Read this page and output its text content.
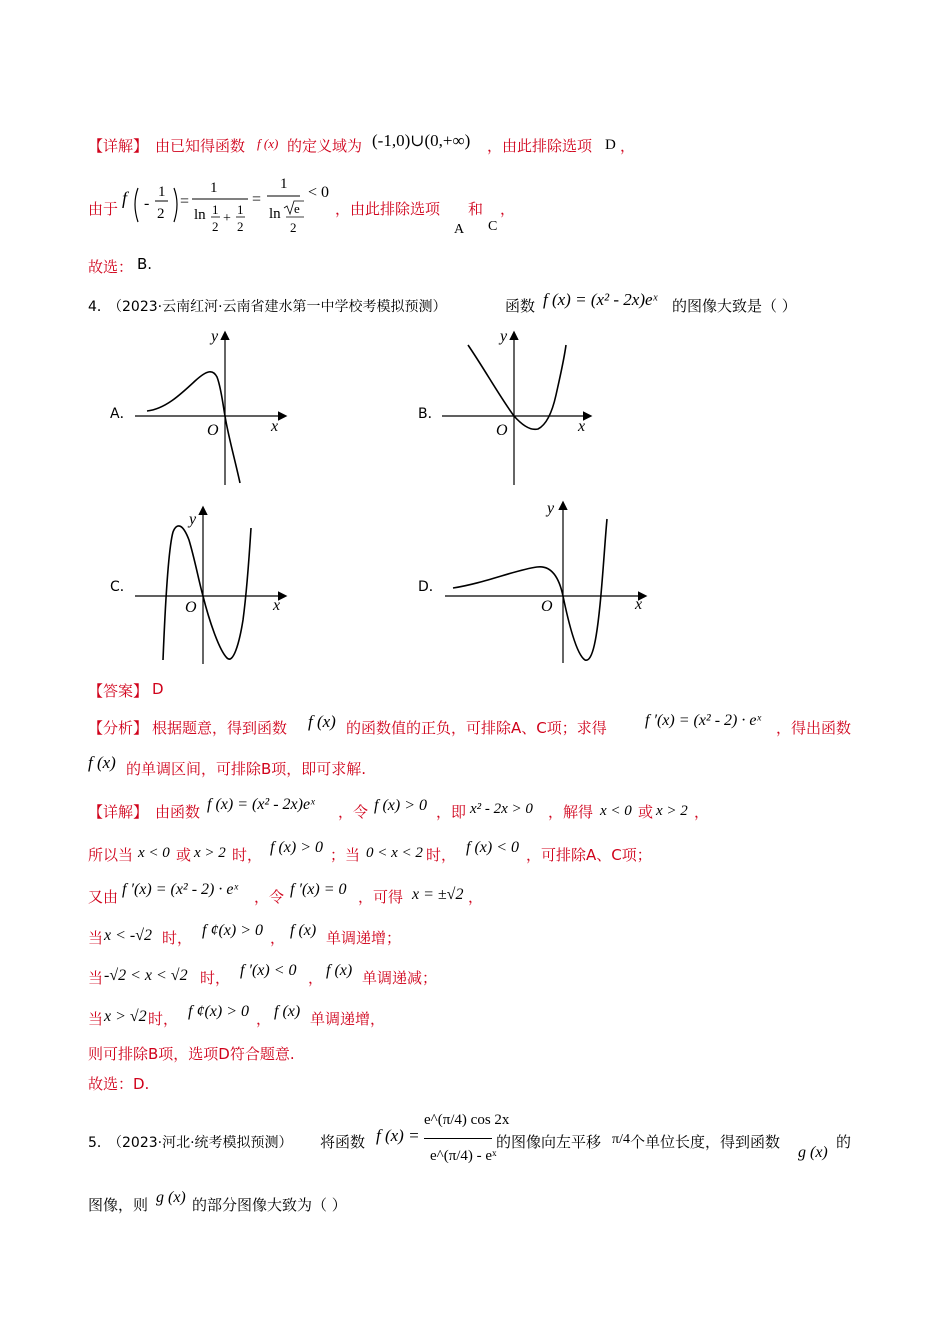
【详解】 由已知得函数 f (x) 的定义域为 (-1,0)∪(0,+∞) ，由此排除选项 D ，
由于
f -
1
2
=
1
ln 1
2
+
1
2
=
1
ln e
2
< 0
，由此排除选项 和
A C
，
故选： B.
4．
（2023·云南红河·云南省建水第一中学校考模拟预测）	函数 f (x) = (x² - 2x)eˣ 的图像大致是（ ）
A．
y
x
O
B．
y
x
O
C．
y
x
O
D．
y
x
O
【答案】 D
【分析】 根据题意，得到函数 f (x) 的函数值的正负，可排除A、C项；求得 f ′(x) = (x² - 2) · eˣ ，得出函数
f (x) 的单调区间，可排除B项，即可求解.
【详解】 由函数 f (x) = (x² - 2x)eˣ ，令 f (x) > 0 ，即 x² - 2x > 0 ，解得 x < 0 或 x > 2 ，
所以当 x < 0 或 x > 2 时， f (x) > 0 ；当 0 < x < 2 时， f (x) < 0 ，可排除A、C项；
又由 f ′(x) = (x² - 2) · eˣ ，令 f ′(x) = 0 ，可得 x = ±√2 ，
当 x < -√2 时， f ¢(x) > 0 ， f (x) 单调递增；
当 -√2 < x < √2 时， f ′(x) < 0 ， f (x) 单调递减；
当 x > √2 时， f ¢(x) > 0 ， f (x) 单调递增，
则可排除B项，选项D符合题意.
故选：D.
5．
（2023·河北·统考模拟预测） 将函数 f (x) =
e^(π/4) cos 2x
e^(π/4) - eˣ
的图像向左平移 π/4 个单位长度，得到函数
g (x)
的
图像，则 g (x) 的部分图像大致为（ ）
